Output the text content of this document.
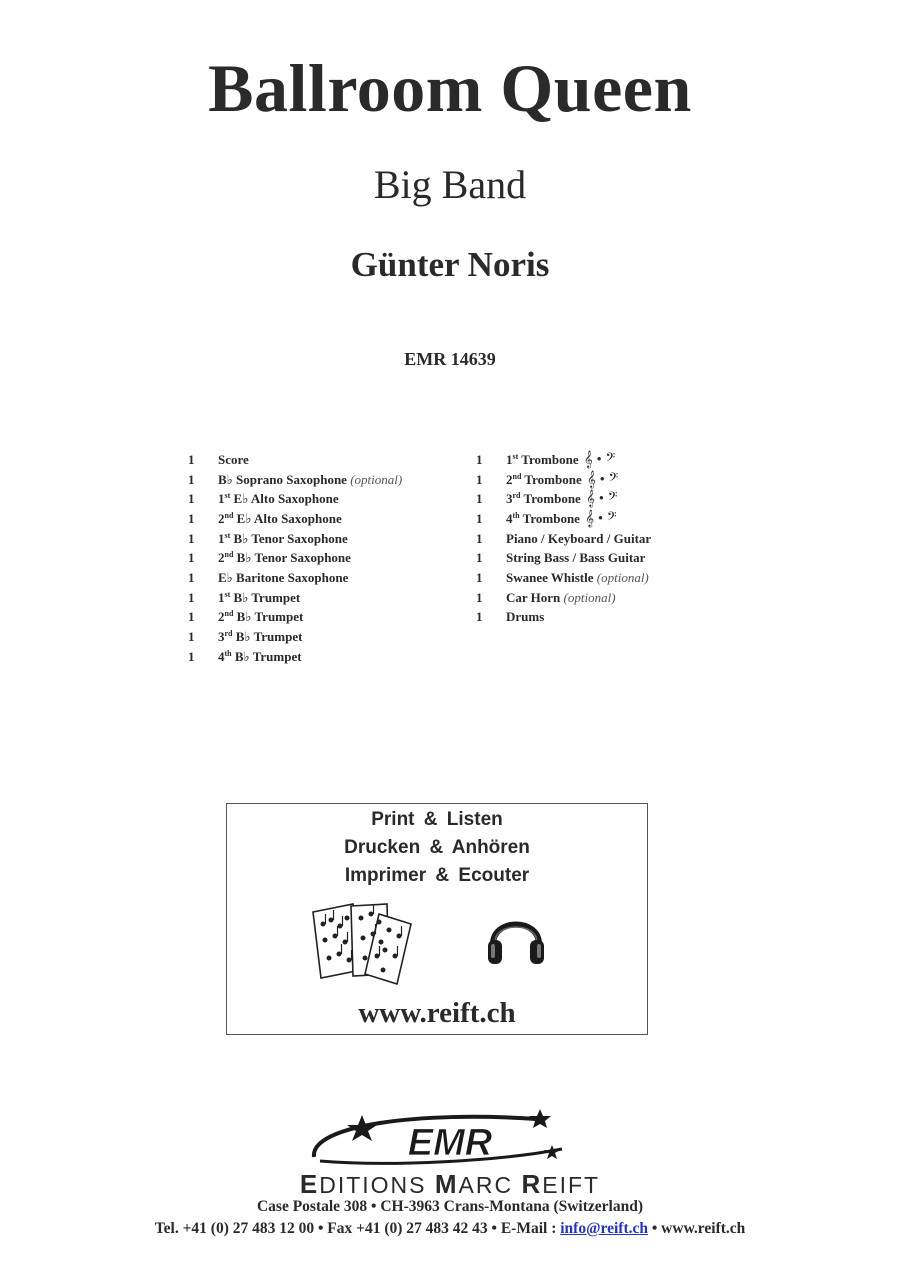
Ballroom Queen
Big Band
Günter Noris
EMR 14639
1	Score
1	B♭ Soprano Saxophone (optional)
1	1st E♭ Alto Saxophone
1	2nd E♭ Alto Saxophone
1	1st B♭ Tenor Saxophone
1	2nd B♭ Tenor Saxophone
1	E♭ Baritone Saxophone
1	1st B♭ Trumpet
1	2nd B♭ Trumpet
1	3rd B♭ Trumpet
1	4th B♭ Trumpet
1	1st Trombone 𝄞 • 𝄢
1	2nd Trombone 𝄞 • 𝄢
1	3rd Trombone 𝄞 • 𝄢
1	4th Trombone 𝄞 • 𝄢
1	Piano / Keyboard / Guitar
1	String Bass / Bass Guitar
1	Swanee Whistle (optional)
1	Car Horn (optional)
1	Drums
Print & Listen
Drucken & Anhören
Imprimer & Ecouter
www.reift.ch
EMR
EDITIONS MARC REIFT
Case Postale 308 • CH-3963 Crans-Montana (Switzerland)
Tel. +41 (0) 27 483 12 00 • Fax +41 (0) 27 483 42 43 • E-Mail : info@reift.ch • www.reift.ch
